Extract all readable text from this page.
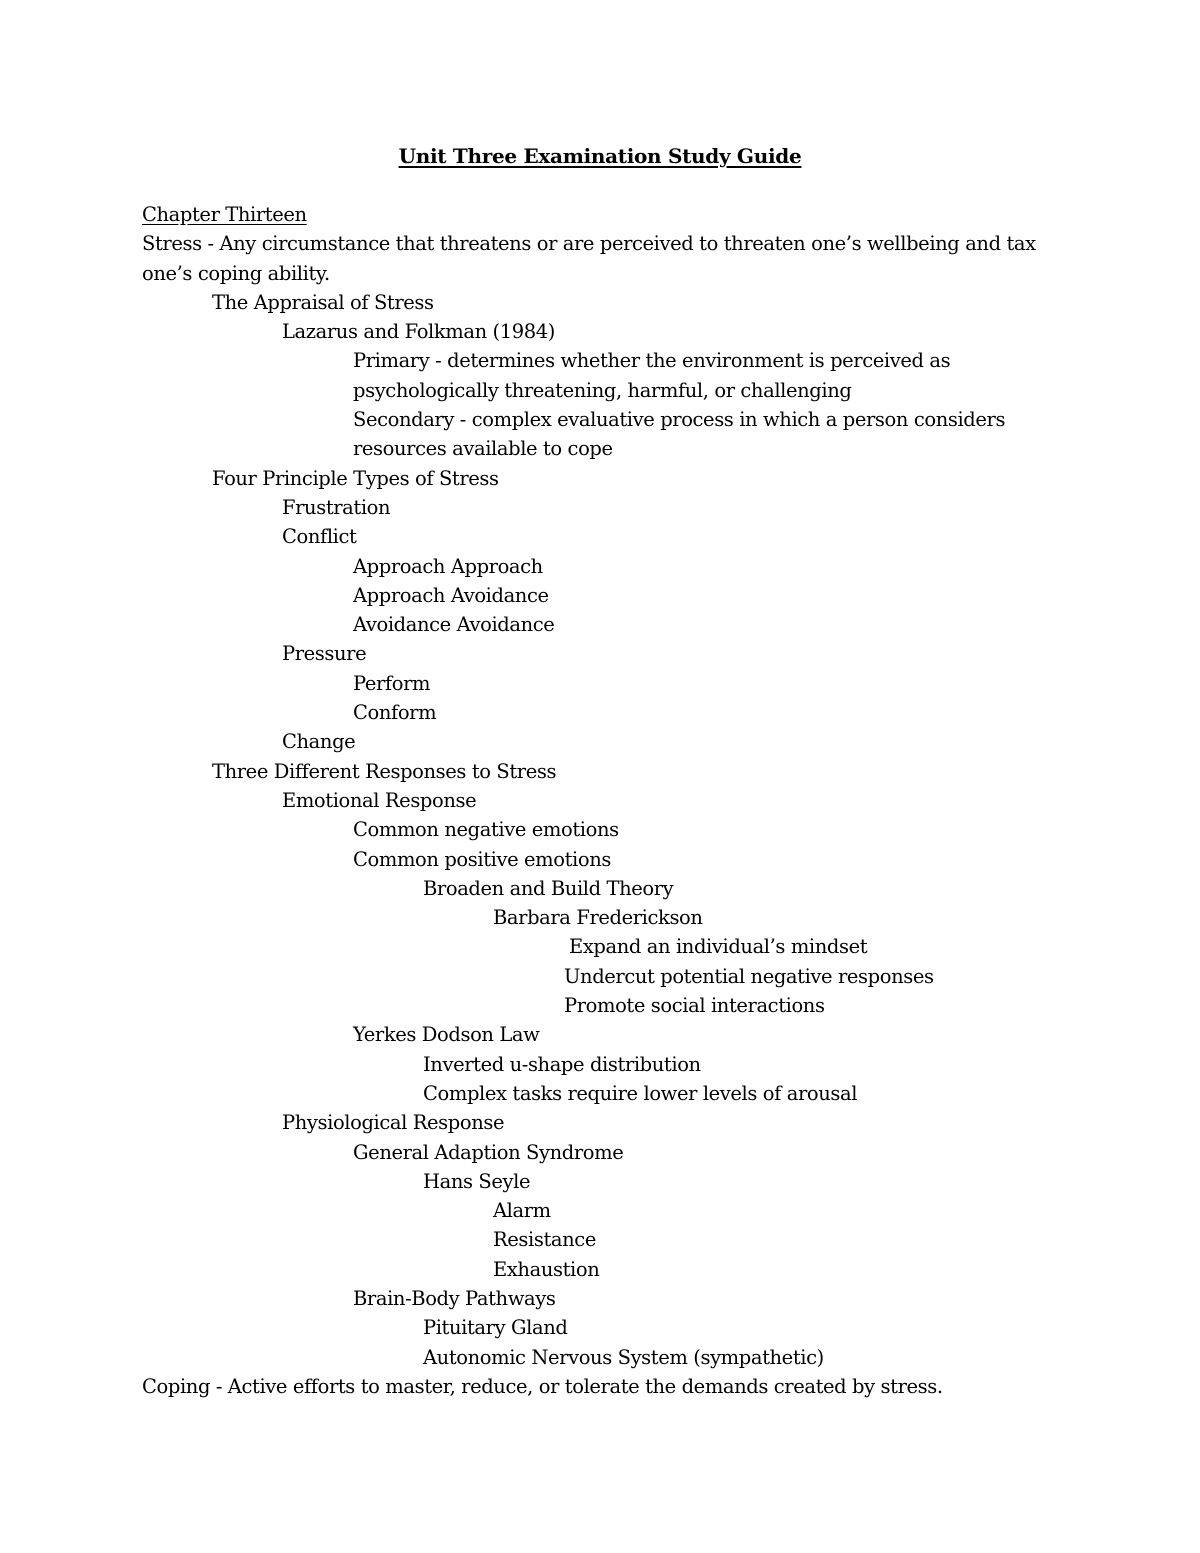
Unit Three Examination Study Guide
Chapter Thirteen
Stress - Any circumstance that threatens or are perceived to threaten one’s wellbeing and tax
one’s coping ability.
The Appraisal of Stress
Lazarus and Folkman (1984)
Primary - determines whether the environment is perceived as
psychologically threatening, harmful, or challenging
Secondary - complex evaluative process in which a person considers
resources available to cope
Four Principle Types of Stress
Frustration
Conflict
Approach Approach
Approach Avoidance
Avoidance Avoidance
Pressure
Perform
Conform
Change
Three Different Responses to Stress
Emotional Response
Common negative emotions
Common positive emotions
Broaden and Build Theory
Barbara Frederickson
Expand an individual’s mindset
Undercut potential negative responses
Promote social interactions
Yerkes Dodson Law
Inverted u-shape distribution
Complex tasks require lower levels of arousal
Physiological Response
General Adaption Syndrome
Hans Seyle
Alarm
Resistance
Exhaustion
Brain-Body Pathways
Pituitary Gland
Autonomic Nervous System (sympathetic)
Coping - Active efforts to master, reduce, or tolerate the demands created by stress.
